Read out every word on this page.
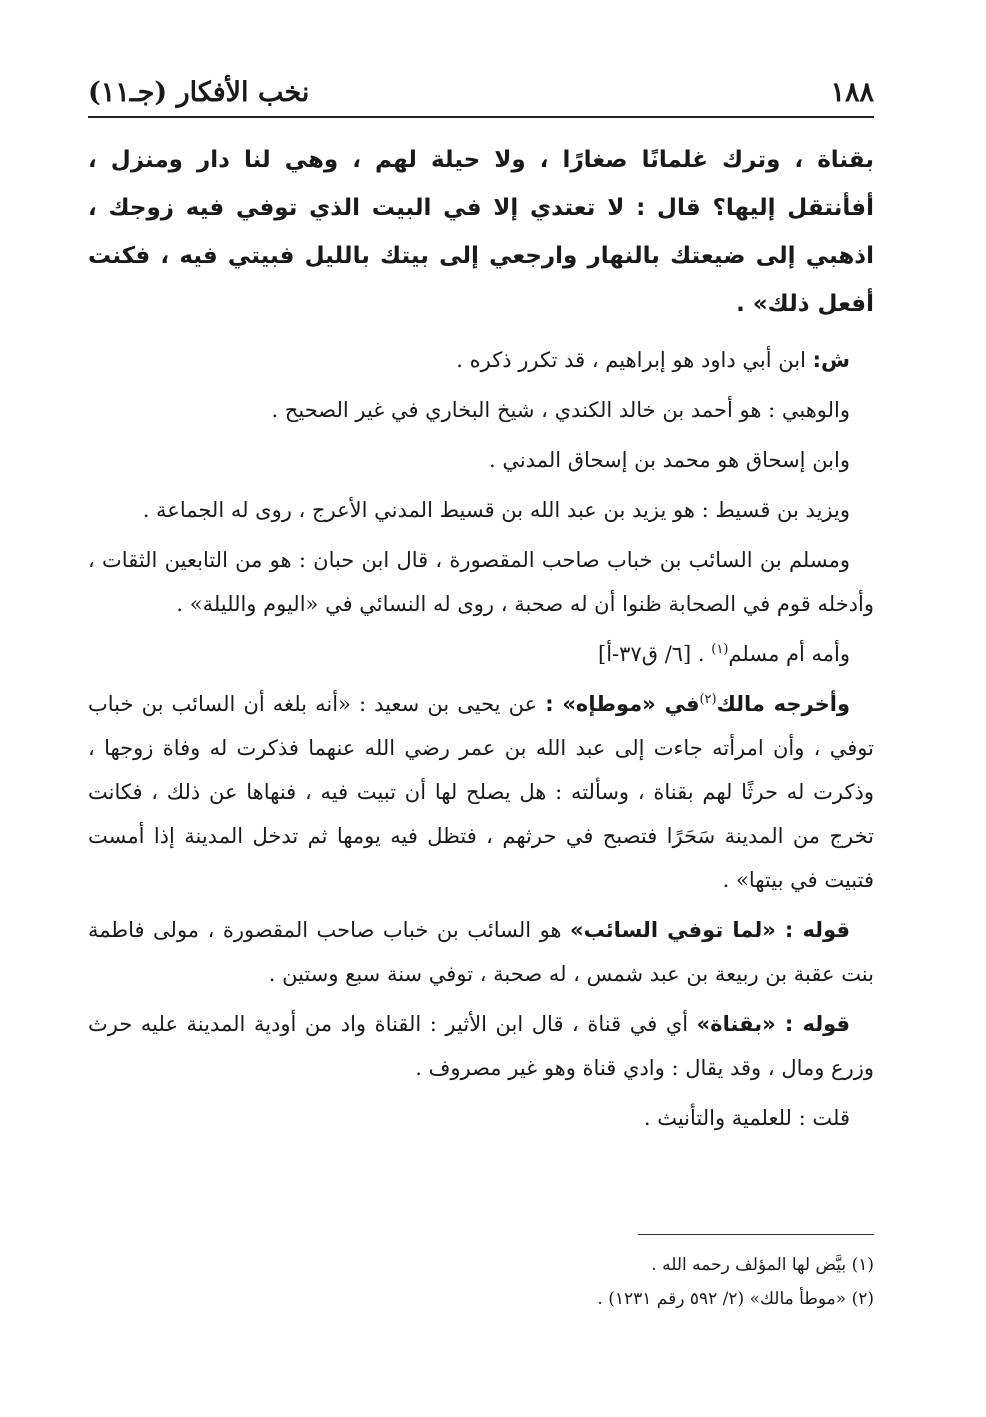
١٨٨
نخب الأفكار (جـ١١)

بقناة ، وترك غلمانًا صغارًا ، ولا حيلة لهم ، وهي لنا دار ومنزل ، أفأنتقل إليها؟ قال : لا تعتدي إلا في البيت الذي توفي فيه زوجك ، اذهبي إلى ضيعتك بالنهار وارجعي إلى بيتك بالليل فبيتي فيه ، فكنت أفعل ذلك» .

ش: ابن أبي داود هو إبراهيم ، قد تكرر ذكره .

والوهبي : هو أحمد بن خالد الكندي ، شيخ البخاري في غير الصحيح .

وابن إسحاق هو محمد بن إسحاق المدني .

ويزيد بن قسيط : هو يزيد بن عبد الله بن قسيط المدني الأعرج ، روى له الجماعة .

ومسلم بن السائب بن خباب صاحب المقصورة ، قال ابن حبان : هو من التابعين الثقات ، وأدخله قوم في الصحابة ظنوا أن له صحبة ، روى له النسائي في «اليوم والليلة» .

وأمه أم مسلم$^{(١)}$ . [٦/ ق٣٧-أ]

وأخرجه مالك$^{(٢)}$في «موطإه» : عن يحيى بن سعيد : «أنه بلغه أن السائب بن خباب توفي ، وأن امرأته جاءت إلى عبد الله بن عمر رضي الله عنهما فذكرت له وفاة زوجها ، وذكرت له حرثًا لهم بقناة ، وسألته : هل يصلح لها أن تبيت فيه ، فنهاها عن ذلك ، فكانت تخرج من المدينة سَحَرًا فتصبح في حرثهم ، فتظل فيه يومها ثم تدخل المدينة إذا أمست فتبيت في بيتها» .

قوله : «لما توفي السائب» هو السائب بن خباب صاحب المقصورة ، مولى فاطمة بنت عقبة بن ربيعة بن عبد شمس ، له صحبة ، توفي سنة سبع وستين .

قوله : «بقناة» أي في قناة ، قال ابن الأثير : القناة واد من أودية المدينة عليه حرث وزرع ومال ، وقد يقال : وادي قناة وهو غير مصروف .

قلت : للعلمية والتأنيث .

(١) بيَّض لها المؤلف رحمه الله .
(٢) «موطأ مالك» (٢/ ٥٩٢ رقم ١٢٣١) .
